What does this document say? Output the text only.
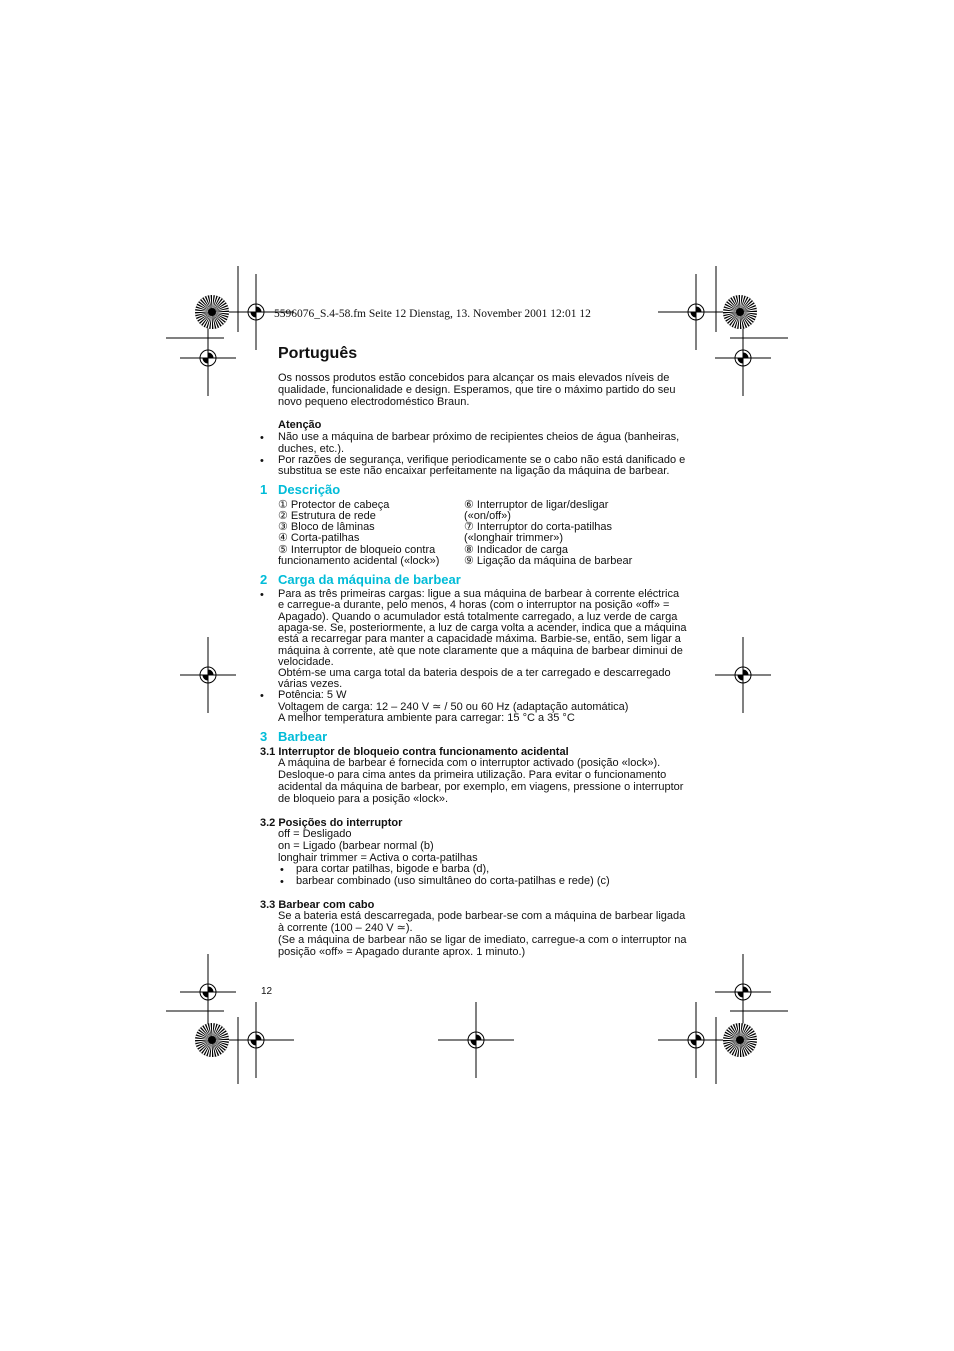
5596076_S.4-58.fm Seite 12 Dienstag, 13. November 2001 12:01 12
Português
Os nossos produtos estão concebidos para alcançar os mais elevados níveis de
qualidade, funcionalidade e design. Esperamos, que tire o máximo partido do seu
novo pequeno electrodoméstico Braun.
Atenção
• Não use a máquina de barbear próximo de recipientes cheios de água (banheiras,
duches, etc.).
• Por razões de segurança, verifique periodicamente se o cabo não está danificado e
substitua se este não encaixar perfeitamente na ligação da máquina de barbear.
1 Descrição
① Protector de cabeça
② Estrutura de rede
③ Bloco de lâminas
④ Corta-patilhas
⑤ Interruptor de bloqueio contra
funcionamento acidental («lock»)
⑥ Interruptor de ligar/desligar
(«on/off»)
⑦ Interruptor do corta-patilhas
(«longhair trimmer»)
⑧ Indicador de carga
⑨ Ligação da máquina de barbear
2 Carga da máquina de barbear
• Para as três primeiras cargas: ligue a sua máquina de barbear à corrente eléctrica
e carregue-a durante, pelo menos, 4 horas (com o interruptor na posição «off» =
Apagado). Quando o acumulador está totalmente carregado, a luz verde de carga
apaga-se. Se, posteriormente, a luz de carga volta a acender, indica que a máquina
está a recarregar para manter a capacidade máxima. Barbie-se, então, sem ligar a
máquina à corrente, atè que note claramente que a máquina de barbear diminui de
velocidade.
Obtém-se uma carga total da bateria despois de a ter carregado e descarregado
várias vezes.
• Potência: 5 W
Voltagem de carga: 12 – 240 V ≃ / 50 ou 60 Hz (adaptação automática)
A melhor temperatura ambiente para carregar: 15 °C a 35 °C
3 Barbear
3.1 Interruptor de bloqueio contra funcionamento acidental
A máquina de barbear é fornecida com o interruptor activado (posição «lock»).
Desloque-o para cima antes da primeira utilização. Para evitar o funcionamento
acidental da máquina de barbear, por exemplo, em viagens, pressione o interruptor
de bloqueio para a posição «lock».
3.2 Posições do interruptor
off = Desligado
on = Ligado (barbear normal (b)
longhair trimmer = Activa o corta-patilhas
• para cortar patilhas, bigode e barba (d),
• barbear combinado (uso simultâneo do corta-patilhas e rede) (c)
3.3 Barbear com cabo
Se a bateria está descarregada, pode barbear-se com a máquina de barbear ligada
à corrente (100 – 240 V ≃).
(Se a máquina de barbear não se ligar de imediato, carregue-a com o interruptor na
posição «off» = Apagado durante aprox. 1 minuto.)
12
